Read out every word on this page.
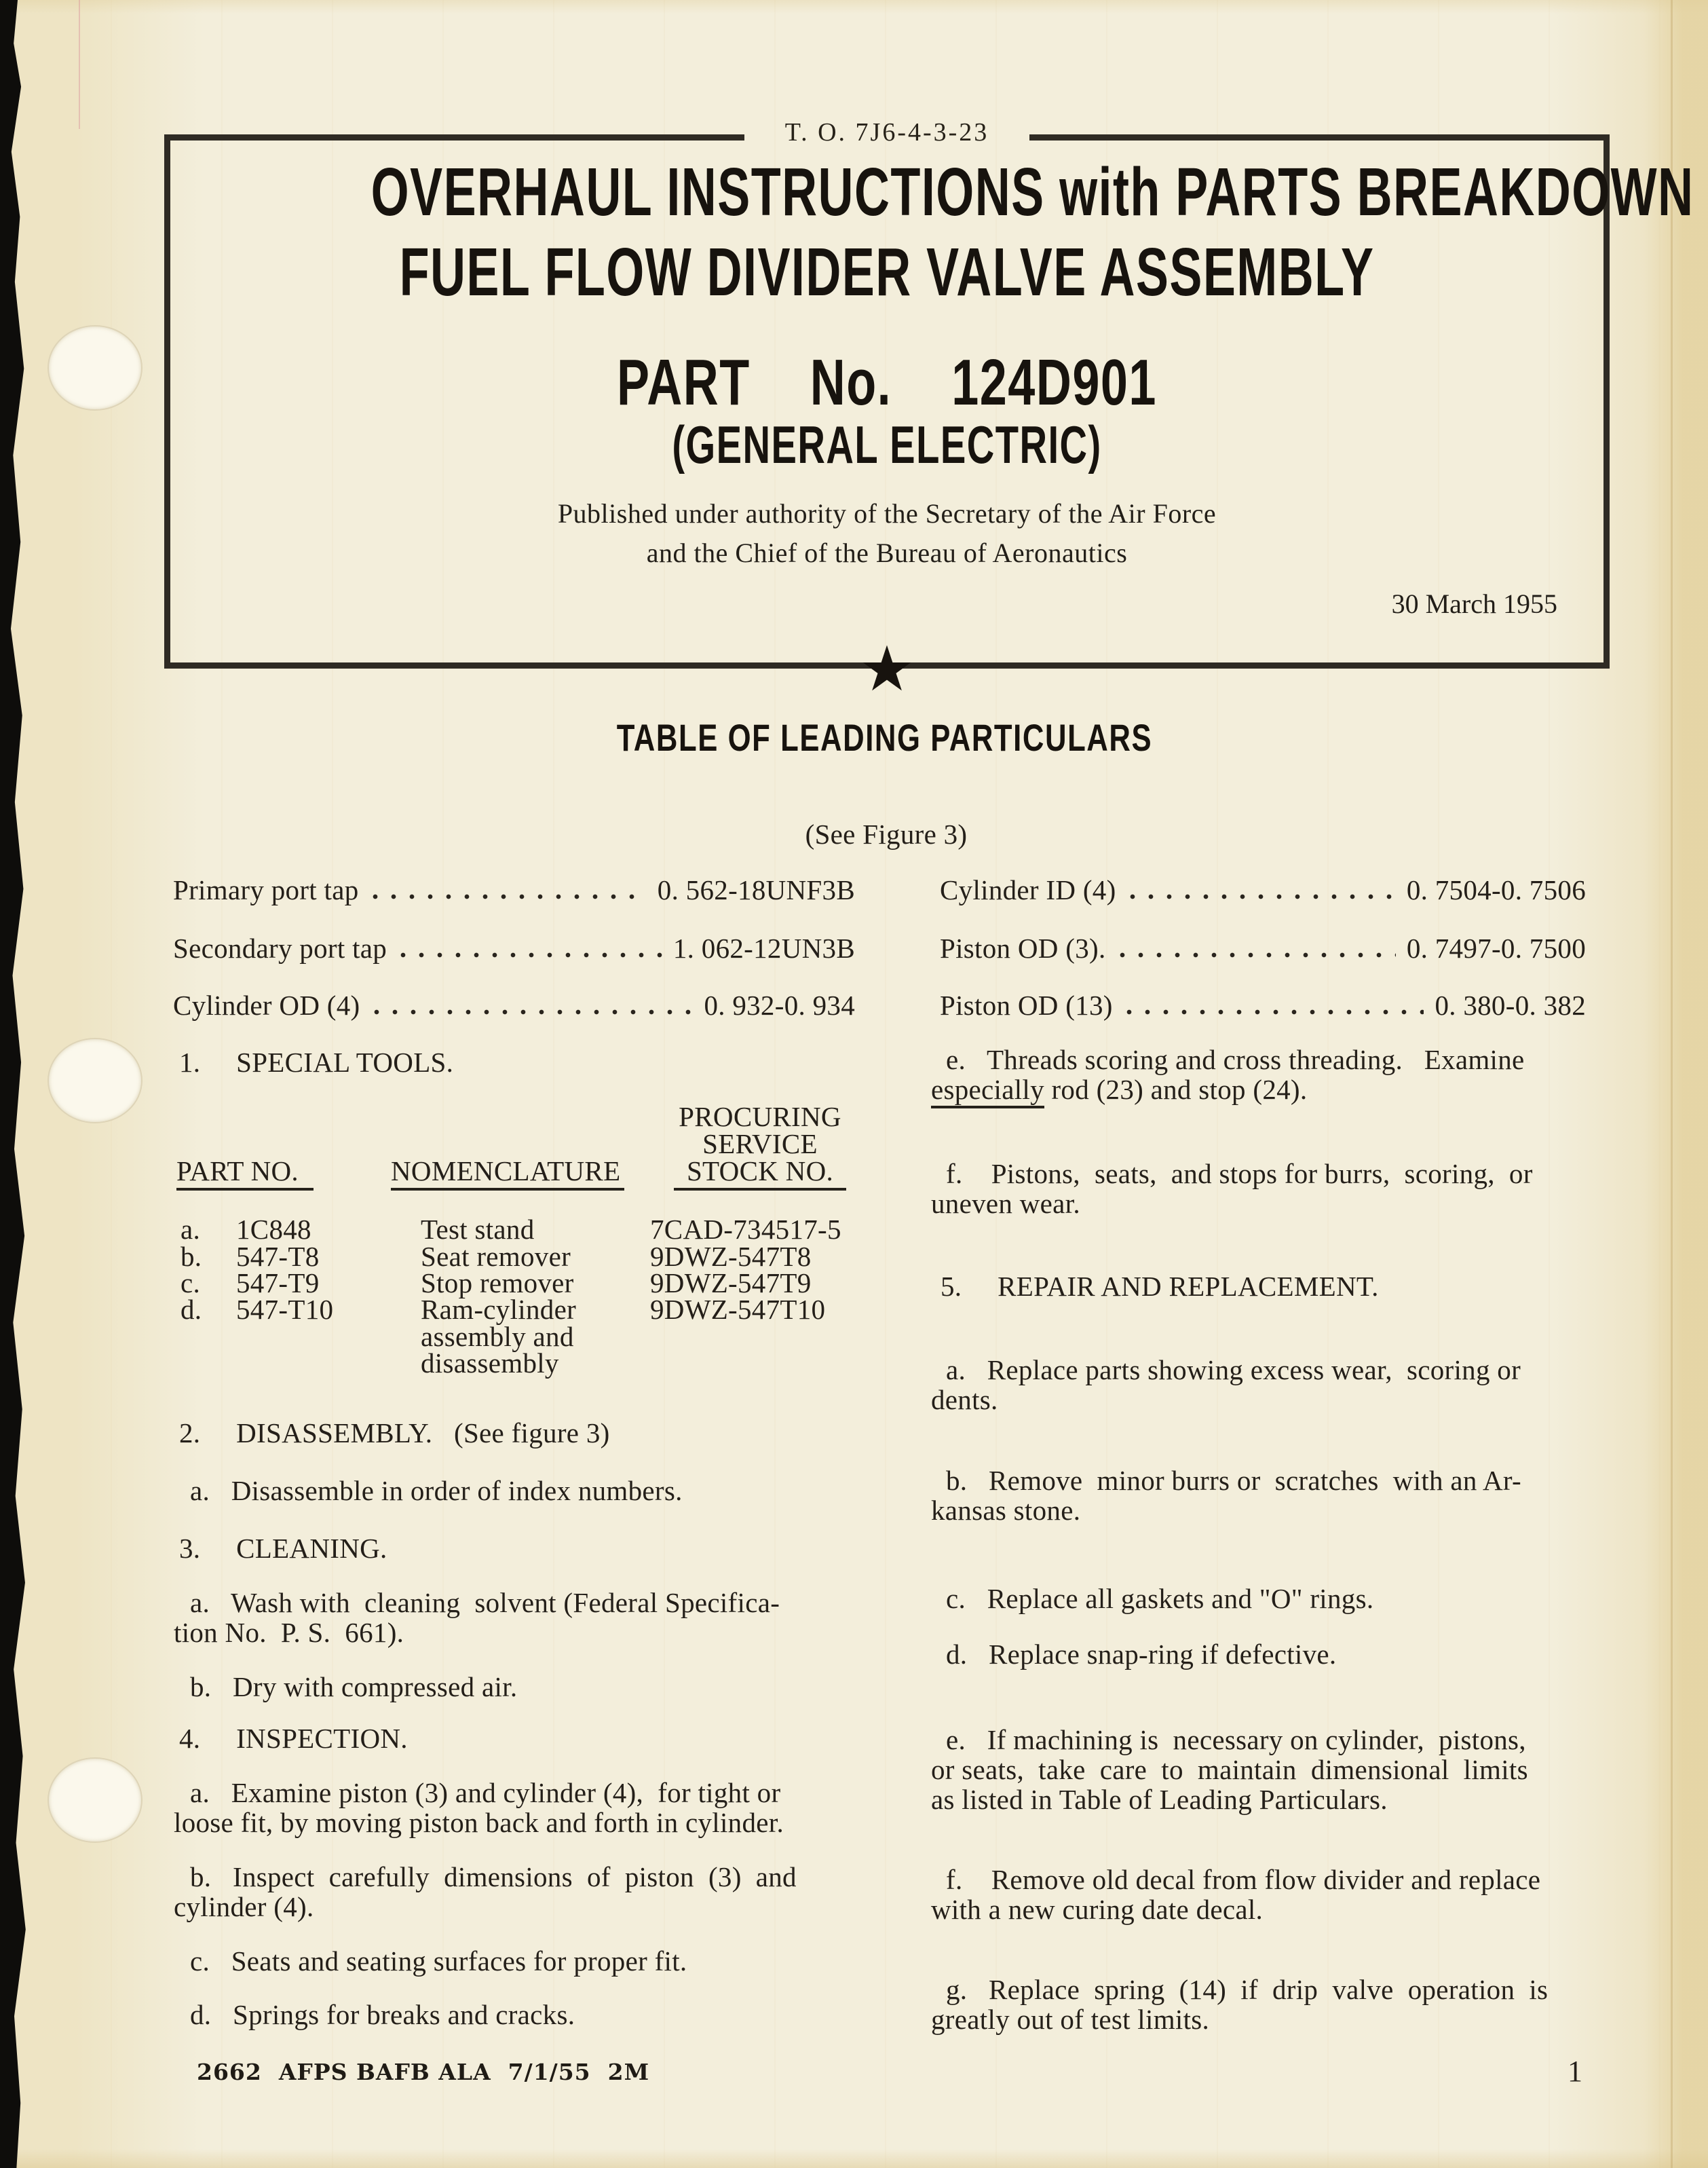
T. O. 7J6-4-3-23
OVERHAUL INSTRUCTIONS with PARTS BREAKDOWN
FUEL FLOW DIVIDER VALVE ASSEMBLY
PART  No.  124D901
(GENERAL ELECTRIC)
Published under authority of the Secretary of the Air Force
and the Chief of the Bureau of Aeronautics
30 March 1955
★
TABLE OF LEADING PARTICULARS
(See Figure 3)
Primary port tap	0. 562-18UNF3B
Secondary port tap	1. 062-12UN3B
Cylinder OD (4)	0. 932-0. 934
Cylinder ID (4)	0. 7504-0. 7506
Piston OD (3).	0. 7497-0. 7500
Piston OD (13)	0. 380-0. 382
1.     SPECIAL TOOLS.
PROCURING
SERVICE
PART NO.	NOMENCLATURE	STOCK NO.
a. 1C848	Test stand	7CAD-734517-5
b. 547-T8	Seat remover	9DWZ-547T8
c. 547-T9	Stop remover	9DWZ-547T9
d. 547-T10	Ram-cylinder	9DWZ-547T10
assembly and
disassembly
2.     DISASSEMBLY.   (See figure 3)
a.   Disassemble in order of index numbers.
3.     CLEANING.
a.   Wash with  cleaning  solvent (Federal Specifica-
tion No.  P. S.  661).
b.   Dry with compressed air.
4.     INSPECTION.
a.   Examine piston (3) and cylinder (4),  for tight or
loose fit, by moving piston back and forth in cylinder.
b.   Inspect  carefully  dimensions  of  piston  (3)  and
cylinder (4).
c.   Seats and seating surfaces for proper fit.
d.   Springs for breaks and cracks.
2662  AFPS BAFB ALA  7/1/55  2M
e.   Threads scoring and cross threading.   Examine
especially rod (23) and stop (24).
f.    Pistons,  seats,  and stops for burrs,  scoring,  or
uneven wear.
5.     REPAIR AND REPLACEMENT.
a.   Replace parts showing excess wear,  scoring or
dents.
b.   Remove  minor burrs or  scratches  with an Ar-
kansas stone.
c.   Replace all gaskets and "O" rings.
d.   Replace snap-ring if defective.
e.   If machining is  necessary on cylinder,  pistons,
or seats,  take  care  to  maintain  dimensional  limits
as listed in Table of Leading Particulars.
f.    Remove old decal from flow divider and replace
with a new curing date decal.
g.   Replace  spring  (14)  if  drip  valve  operation  is
greatly out of test limits.
1
